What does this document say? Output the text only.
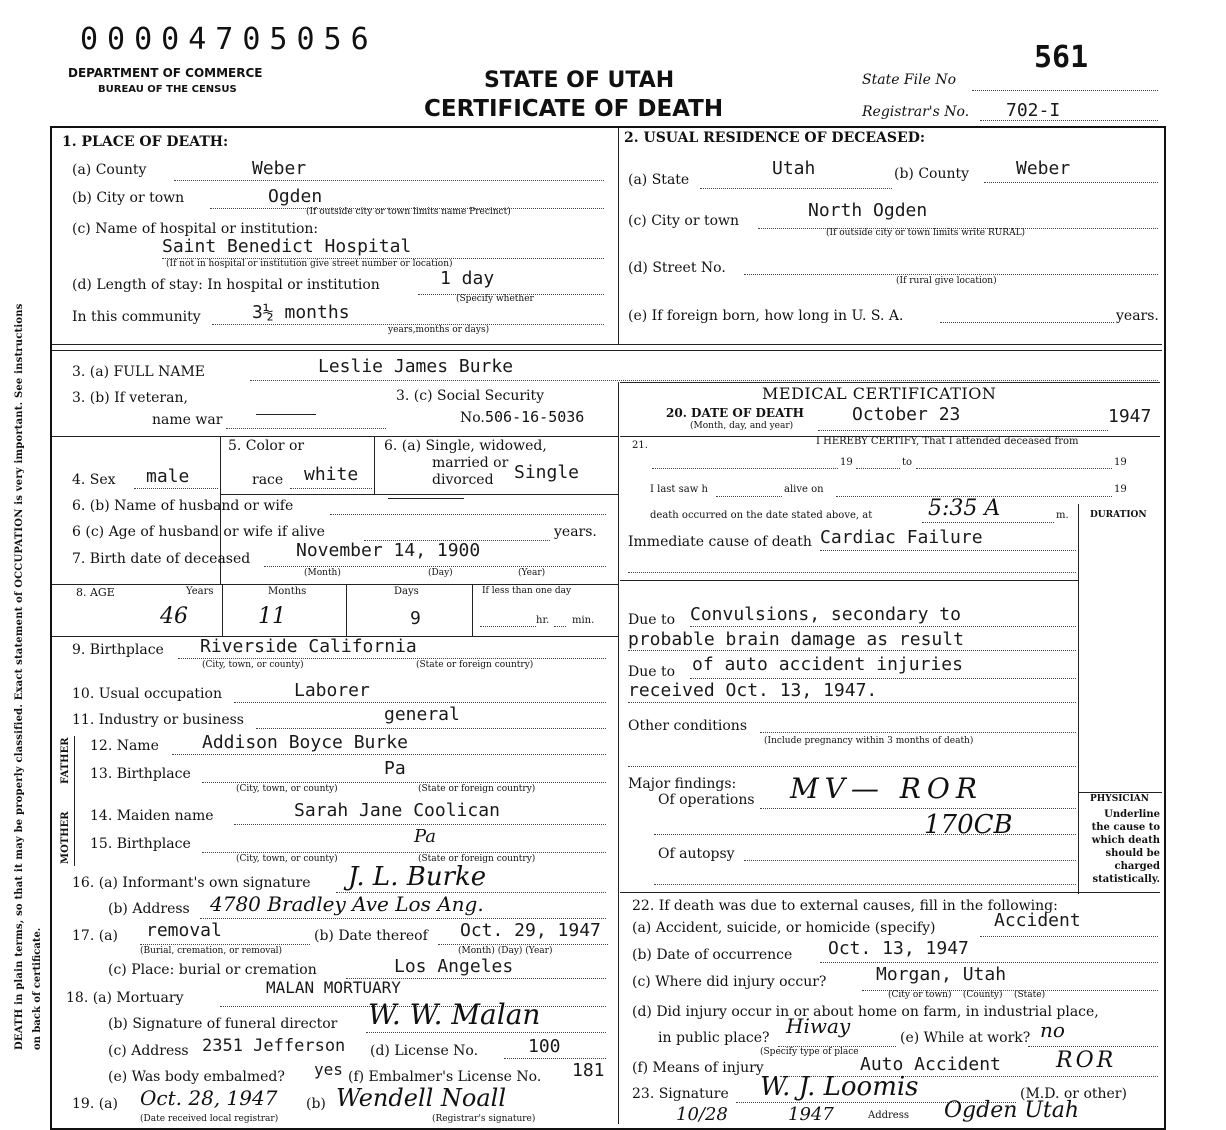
00004705056
DEPARTMENT OF COMMERCE
BUREAU OF THE CENSUS	STATE OF UTAH
CERTIFICATE OF DEATH
State File No
561
Registrar's No. 702-I
DEATH in plain terms, so that it may be properly classified. Exact statement of OCCUPATION is very important. See instructions on back of certificate.
1. PLACE OF DEATH:
(a) County	Weber
(b) City or town	Ogden
(If outside city or town limits name Precinct)
(c) Name of hospital or institution:
Saint Benedict Hospital
(If not in hospital or institution give street number or location)
(d) Length of stay: In hospital or institution	1 day
(Specify whether
In this community	3½ months
years,months or days)
2. USUAL RESIDENCE OF DECEASED:
(a) State
Utah	(b) County	Weber
(c) City or town	North Ogden
(If outside city or town limits write RURAL)
(d) Street No.
(If rural give location)
(e) If foreign born, how long in U. S. A.	years.
3. (a) FULL NAME	Leslie James Burke
3. (b) If veteran,
name war
3. (c) Social Security
No. 506-16-5036
MEDICAL CERTIFICATION
20. DATE OF DEATH
(Month, day, and year)
October 23	1947
4. Sex male
5. Color or
race white
6. (a) Single, widowed,
married or
divorced Single
6. (b) Name of husband or wife
6 (c) Age of husband or wife if alive	years.
7. Birth date of deceased	November 14, 1900
(Month)	(Day)	(Year)
8. AGE	Years
46
Months
11
Days
9
If less than one day
hr. min.
9. Birthplace Riverside California
(City, town, or county)	(State or foreign country)
10. Usual occupation	Laborer
11. Industry or business	general
FATHER
MOTHER
12. Name Addison Boyce Burke
13. Birthplace	Pa
(City, town, or county)	(State or foreign country)
14. Maiden name	Sarah Jane Coolican
15. Birthplace	Pa
(City, town, or county)	(State or foreign country)
16. (a) Informant's own signature J. L. Burke
(b) Address 4780 Bradley Ave Los Ang.
17. (a) removal	(b) Date thereof Oct. 29, 1947
(Burial, cremation, or removal)	(Month) (Day) (Year)
(c) Place: burial or cremation	Los Angeles
18. (a) Mortuary
MALAN MORTUARY
(b) Signature of funeral director W. W. Malan
(c) Address 2351 Jefferson (d) License No.	100
(e) Was body embalmed? yes (f) Embalmer's License No. 181
19. (a) Oct. 28, 1947 (b) Wendell Noall
(Date received local registrar)	(Registrar's signature)
21.	I HEREBY CERTIFY, That I attended deceased from
19	to	19
I last saw h	alive on	19
death occurred on the date stated above, at	5:35 A	m. DURATION
Immediate cause of death Cardiac Failure
Due to Convulsions, secondary to
probable brain damage as result
Due to of auto accident injuries
received Oct. 13, 1947.
Other conditions
(Include pregnancy within 3 months of death)
Major findings:
Of operations MV— ROR
170CB
Of autopsy
PHYSICIAN
Underline the cause to which death should be charged statistically.
22. If death was due to external causes, fill in the following:
(a) Accident, suicide, or homicide (specify)	Accident
(b) Date of occurrence Oct. 13, 1947
(c) Where did injury occur?	Morgan, Utah
(City or town)    (County)    (State)
(d) Did injury occur in or about home on farm, in industrial place,
in public place? Hiway
(Specify type of place
(e) While at work? no
(f) Means of injury	Auto Accident	ROR
23. Signature W. J. Loomis	(M.D. or other)
10/28	1947	Address Ogden Utah
